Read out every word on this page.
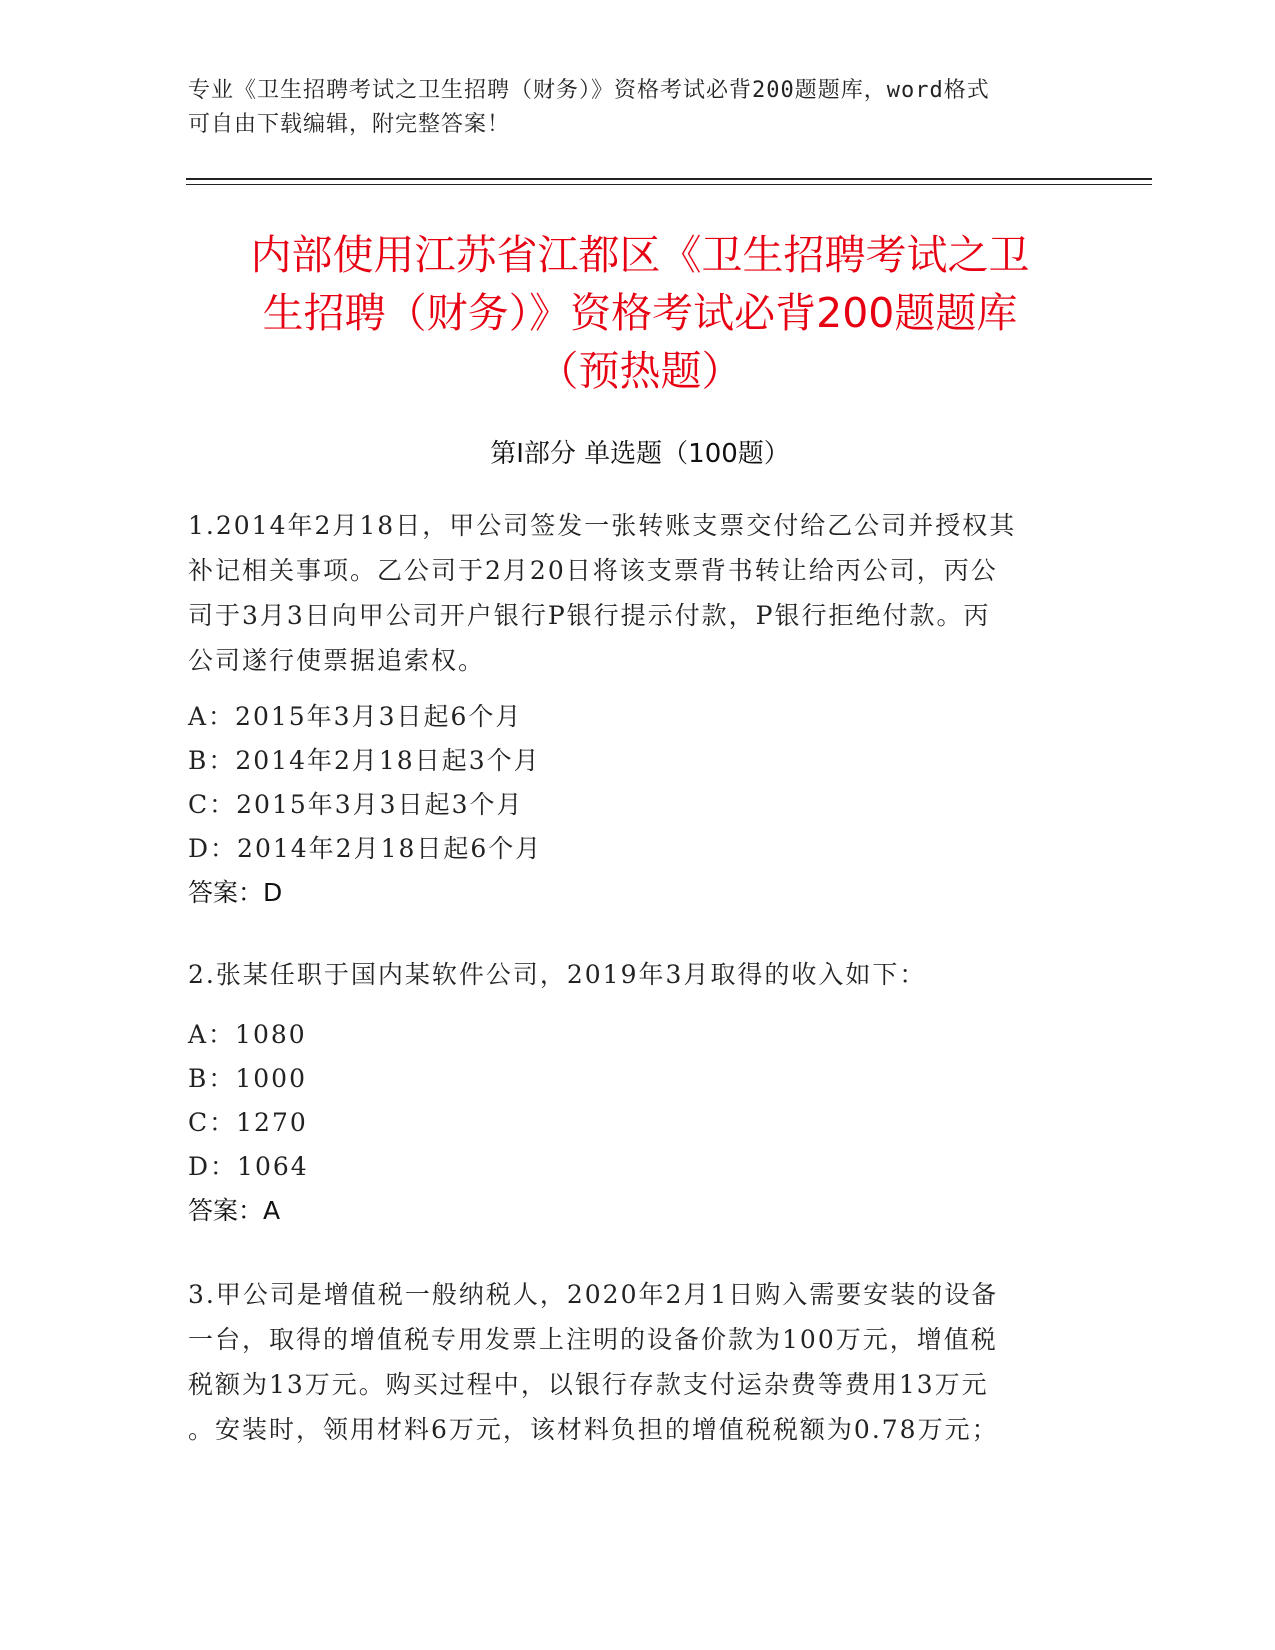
专业《卫生招聘考试之卫生招聘（财务）》资格考试必背200题题库，word格式
可自由下载编辑，附完整答案！
内部使用江苏省江都区《卫生招聘考试之卫
生招聘（财务）》资格考试必背200题题库
（预热题）
第Ⅰ部分 单选题（100题）
1.2014年2月18日，甲公司签发一张转账支票交付给乙公司并授权其
补记相关事项。乙公司于2月20日将该支票背书转让给丙公司，丙公
司于3月3日向甲公司开户银行P银行提示付款，P银行拒绝付款。丙
公司遂行使票据追索权。
A：2015年3月3日起6个月
B：2014年2月18日起3个月
C：2015年3月3日起3个月
D：2014年2月18日起6个月
答案：D
2.张某任职于国内某软件公司，2019年3月取得的收入如下：
A：1080
B：1000
C：1270
D：1064
答案：A
3.甲公司是增值税一般纳税人，2020年2月1日购入需要安装的设备
一台，取得的增值税专用发票上注明的设备价款为100万元，增值税
税额为13万元。购买过程中，以银行存款支付运杂费等费用13万元
。安装时，领用材料6万元，该材料负担的增值税税额为0.78万元；
